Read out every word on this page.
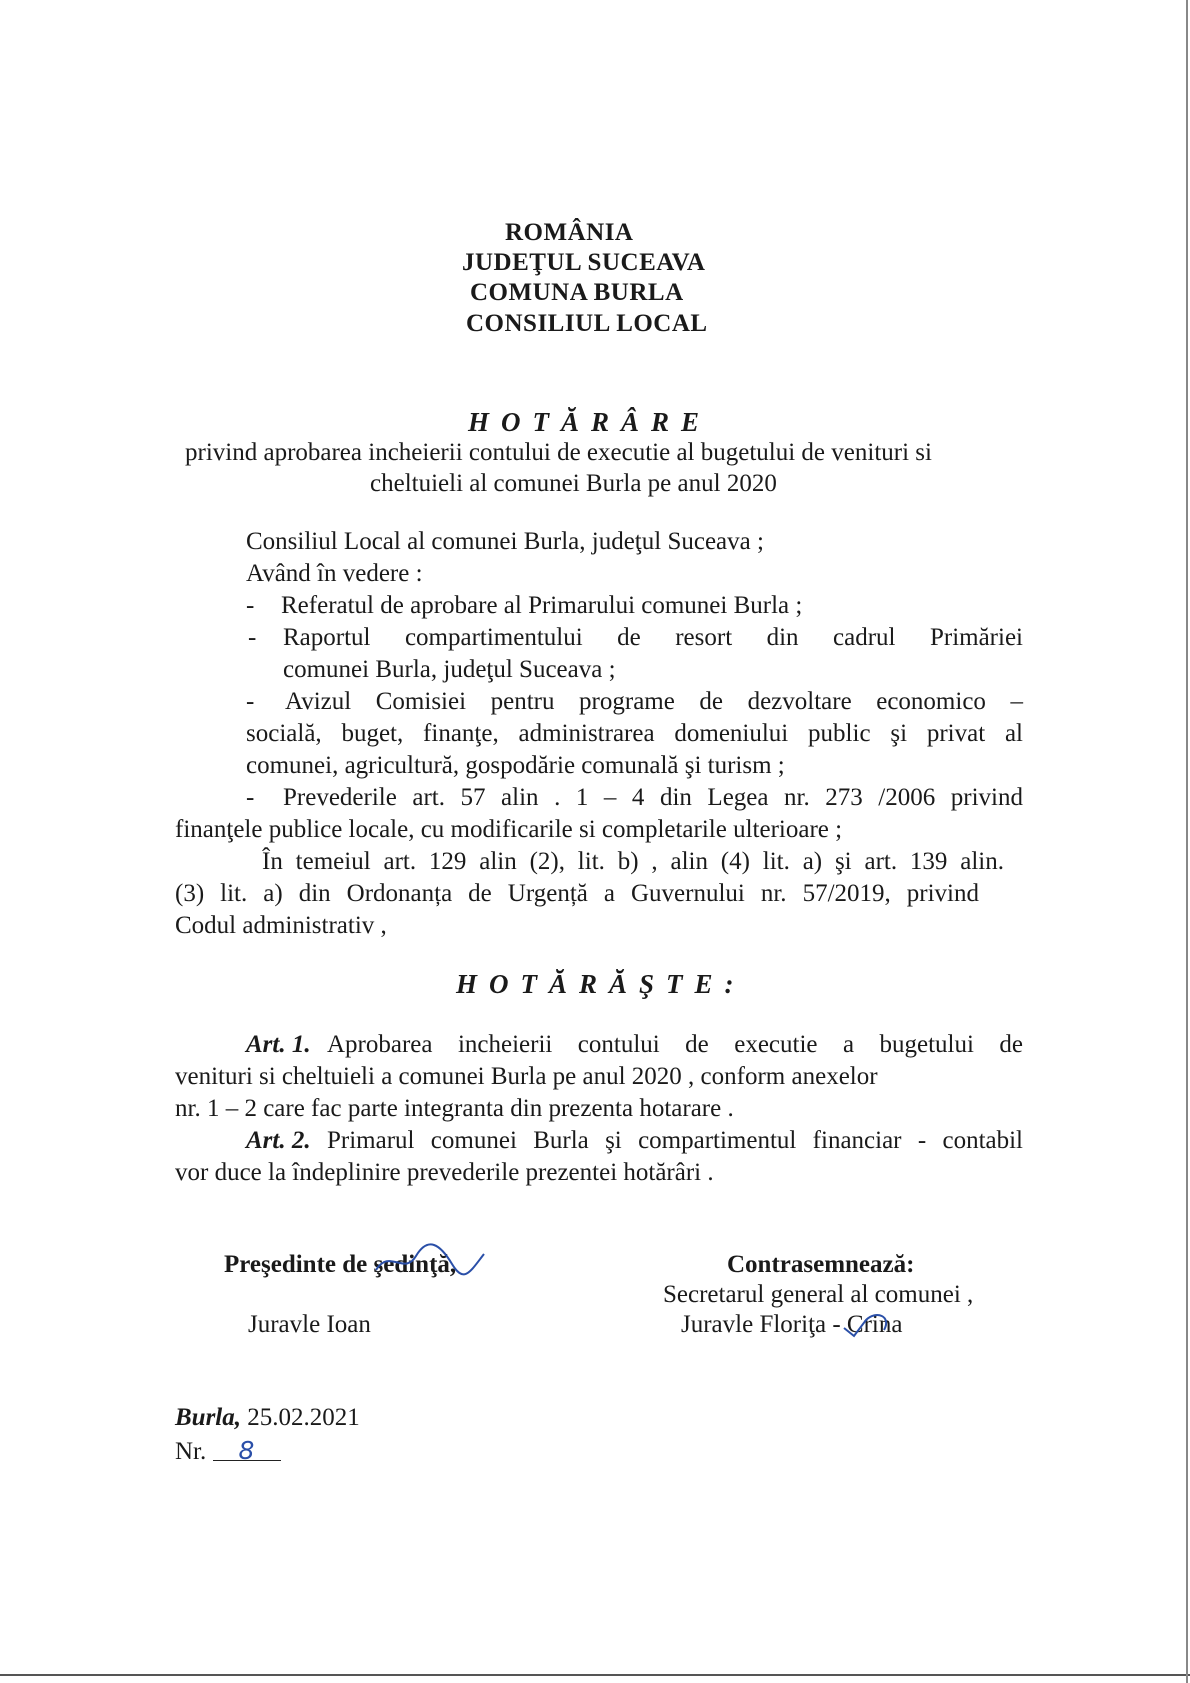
ROMÂNIA
JUDEŢUL SUCEAVA
COMUNA BURLA
CONSILIUL LOCAL
HOTĂRÂRE
privind aprobarea incheierii contului de executie al bugetului de venituri si
cheltuieli al comunei Burla pe anul 2020
Consiliul Local al comunei Burla, judeţul Suceava ;
Având în vedere :
- Referatul de aprobare al Primarului comunei Burla ;
- Raportul compartimentului de resort din cadrul Primăriei
comunei Burla, judeţul Suceava ;
- Avizul Comisiei pentru programe de dezvoltare economico –
socială, buget, finanţe, administrarea domeniului public şi privat al
comunei, agricultură, gospodărie comunală şi turism ;
- Prevederile art. 57 alin . 1 – 4 din Legea nr. 273 /2006 privind
finanţele publice locale, cu modificarile si completarile ulterioare ;
În temeiul art. 129 alin (2), lit. b) , alin (4) lit. a) şi art. 139 alin.
(3) lit. a) din Ordonanța de Urgență a Guvernului nr. 57/2019, privind
Codul administrativ ,
HOTĂRĂŞTE:
Art. 1. Aprobarea incheierii contului de executie a bugetului de
venituri si cheltuieli a comunei Burla pe anul 2020 , conform anexelor
nr. 1 – 2 care fac parte integranta din prezenta hotarare .
Art. 2. Primarul comunei Burla şi compartimentul financiar - contabil
vor duce la îndeplinire prevederile prezentei hotărâri .
Preşedinte de şedinţă,
Juravle Ioan
Contrasemnează:
Secretarul general al comunei ,
Juravle Floriţa - Crina
Burla, 25.02.2021
Nr. 8
